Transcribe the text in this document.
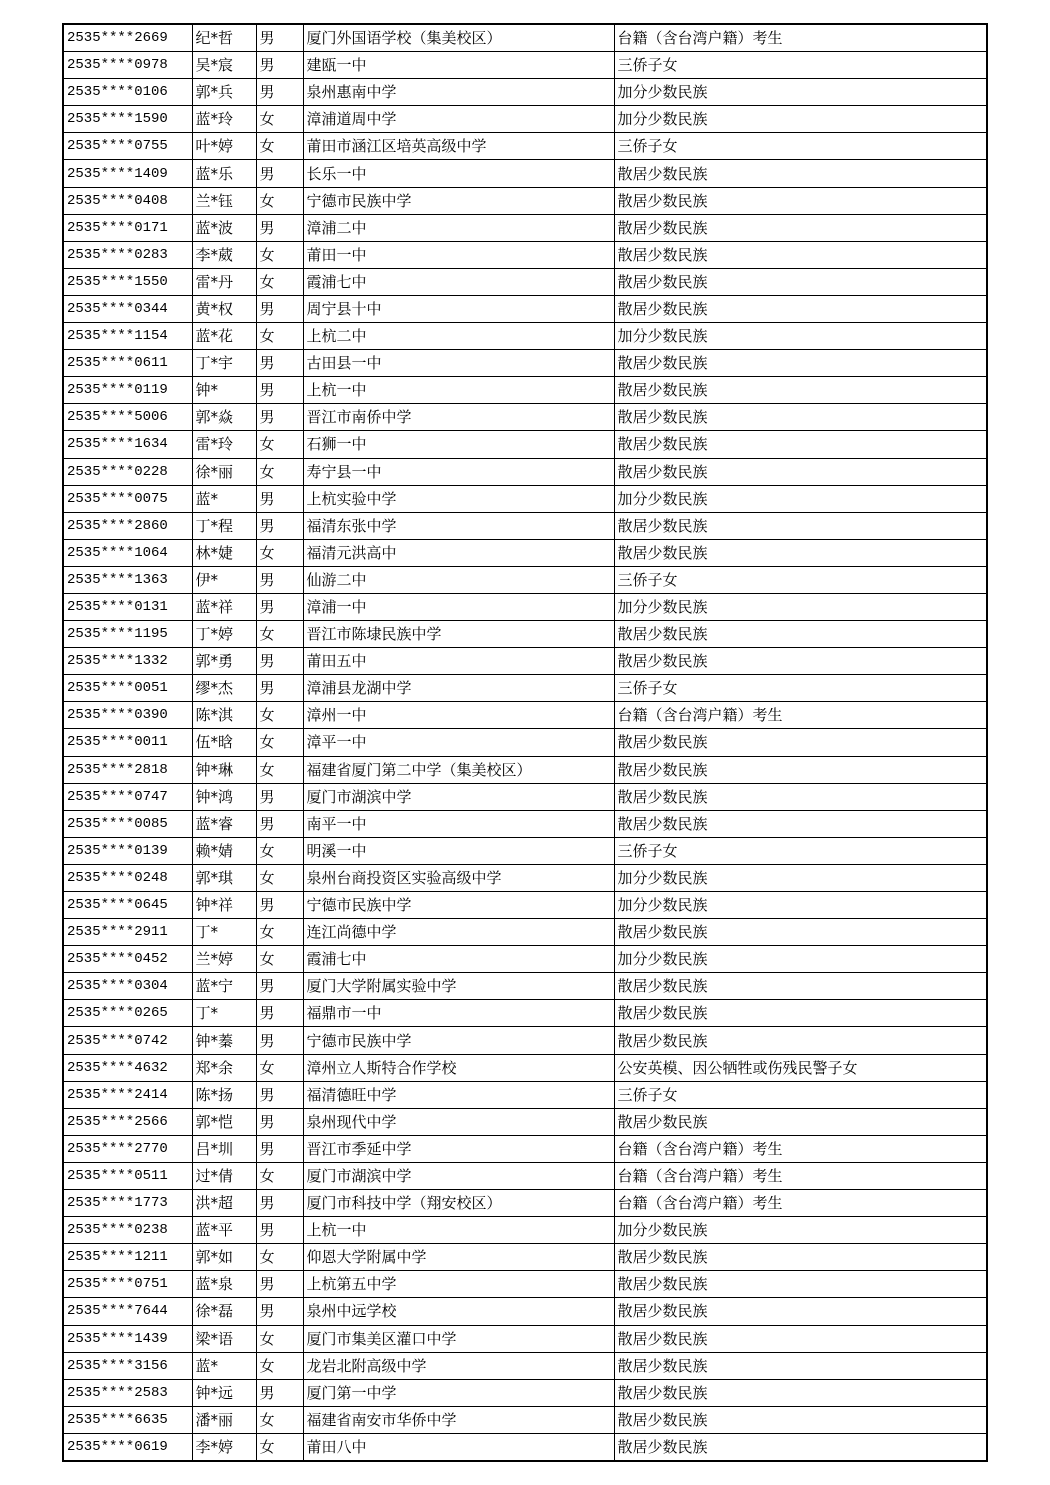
2535****2669	纪*哲	男	厦门外国语学校（集美校区）	台籍（含台湾户籍）考生
2535****0978	吴*宸	男	建瓯一中	三侨子女
2535****0106	郭*兵	男	泉州惠南中学	加分少数民族
2535****1590	蓝*玲	女	漳浦道周中学	加分少数民族
2535****0755	叶*婷	女	莆田市涵江区培英高级中学	三侨子女
2535****1409	蓝*乐	男	长乐一中	散居少数民族
2535****0408	兰*钰	女	宁德市民族中学	散居少数民族
2535****0171	蓝*波	男	漳浦二中	散居少数民族
2535****0283	李*葳	女	莆田一中	散居少数民族
2535****1550	雷*丹	女	霞浦七中	散居少数民族
2535****0344	黄*权	男	周宁县十中	散居少数民族
2535****1154	蓝*花	女	上杭二中	加分少数民族
2535****0611	丁*宇	男	古田县一中	散居少数民族
2535****0119	钟*	男	上杭一中	散居少数民族
2535****5006	郭*焱	男	晋江市南侨中学	散居少数民族
2535****1634	雷*玲	女	石狮一中	散居少数民族
2535****0228	徐*丽	女	寿宁县一中	散居少数民族
2535****0075	蓝*	男	上杭实验中学	加分少数民族
2535****2860	丁*程	男	福清东张中学	散居少数民族
2535****1064	林*婕	女	福清元洪高中	散居少数民族
2535****1363	伊*	男	仙游二中	三侨子女
2535****0131	蓝*祥	男	漳浦一中	加分少数民族
2535****1195	丁*婷	女	晋江市陈埭民族中学	散居少数民族
2535****1332	郭*勇	男	莆田五中	散居少数民族
2535****0051	缪*杰	男	漳浦县龙湖中学	三侨子女
2535****0390	陈*淇	女	漳州一中	台籍（含台湾户籍）考生
2535****0011	伍*晗	女	漳平一中	散居少数民族
2535****2818	钟*琳	女	福建省厦门第二中学（集美校区）	散居少数民族
2535****0747	钟*鸿	男	厦门市湖滨中学	散居少数民族
2535****0085	蓝*睿	男	南平一中	散居少数民族
2535****0139	赖*婧	女	明溪一中	三侨子女
2535****0248	郭*琪	女	泉州台商投资区实验高级中学	加分少数民族
2535****0645	钟*祥	男	宁德市民族中学	加分少数民族
2535****2911	丁*	女	连江尚德中学	散居少数民族
2535****0452	兰*婷	女	霞浦七中	加分少数民族
2535****0304	蓝*宁	男	厦门大学附属实验中学	散居少数民族
2535****0265	丁*	男	福鼎市一中	散居少数民族
2535****0742	钟*蓁	男	宁德市民族中学	散居少数民族
2535****4632	郑*余	女	漳州立人斯特合作学校	公安英模、因公牺牲或伤残民警子女
2535****2414	陈*扬	男	福清德旺中学	三侨子女
2535****2566	郭*恺	男	泉州现代中学	散居少数民族
2535****2770	吕*圳	男	晋江市季延中学	台籍（含台湾户籍）考生
2535****0511	过*倩	女	厦门市湖滨中学	台籍（含台湾户籍）考生
2535****1773	洪*超	男	厦门市科技中学（翔安校区）	台籍（含台湾户籍）考生
2535****0238	蓝*平	男	上杭一中	加分少数民族
2535****1211	郭*如	女	仰恩大学附属中学	散居少数民族
2535****0751	蓝*泉	男	上杭第五中学	散居少数民族
2535****7644	徐*磊	男	泉州中远学校	散居少数民族
2535****1439	梁*语	女	厦门市集美区灌口中学	散居少数民族
2535****3156	蓝*	女	龙岩北附高级中学	散居少数民族
2535****2583	钟*远	男	厦门第一中学	散居少数民族
2535****6635	潘*丽	女	福建省南安市华侨中学	散居少数民族
2535****0619	李*婷	女	莆田八中	散居少数民族
